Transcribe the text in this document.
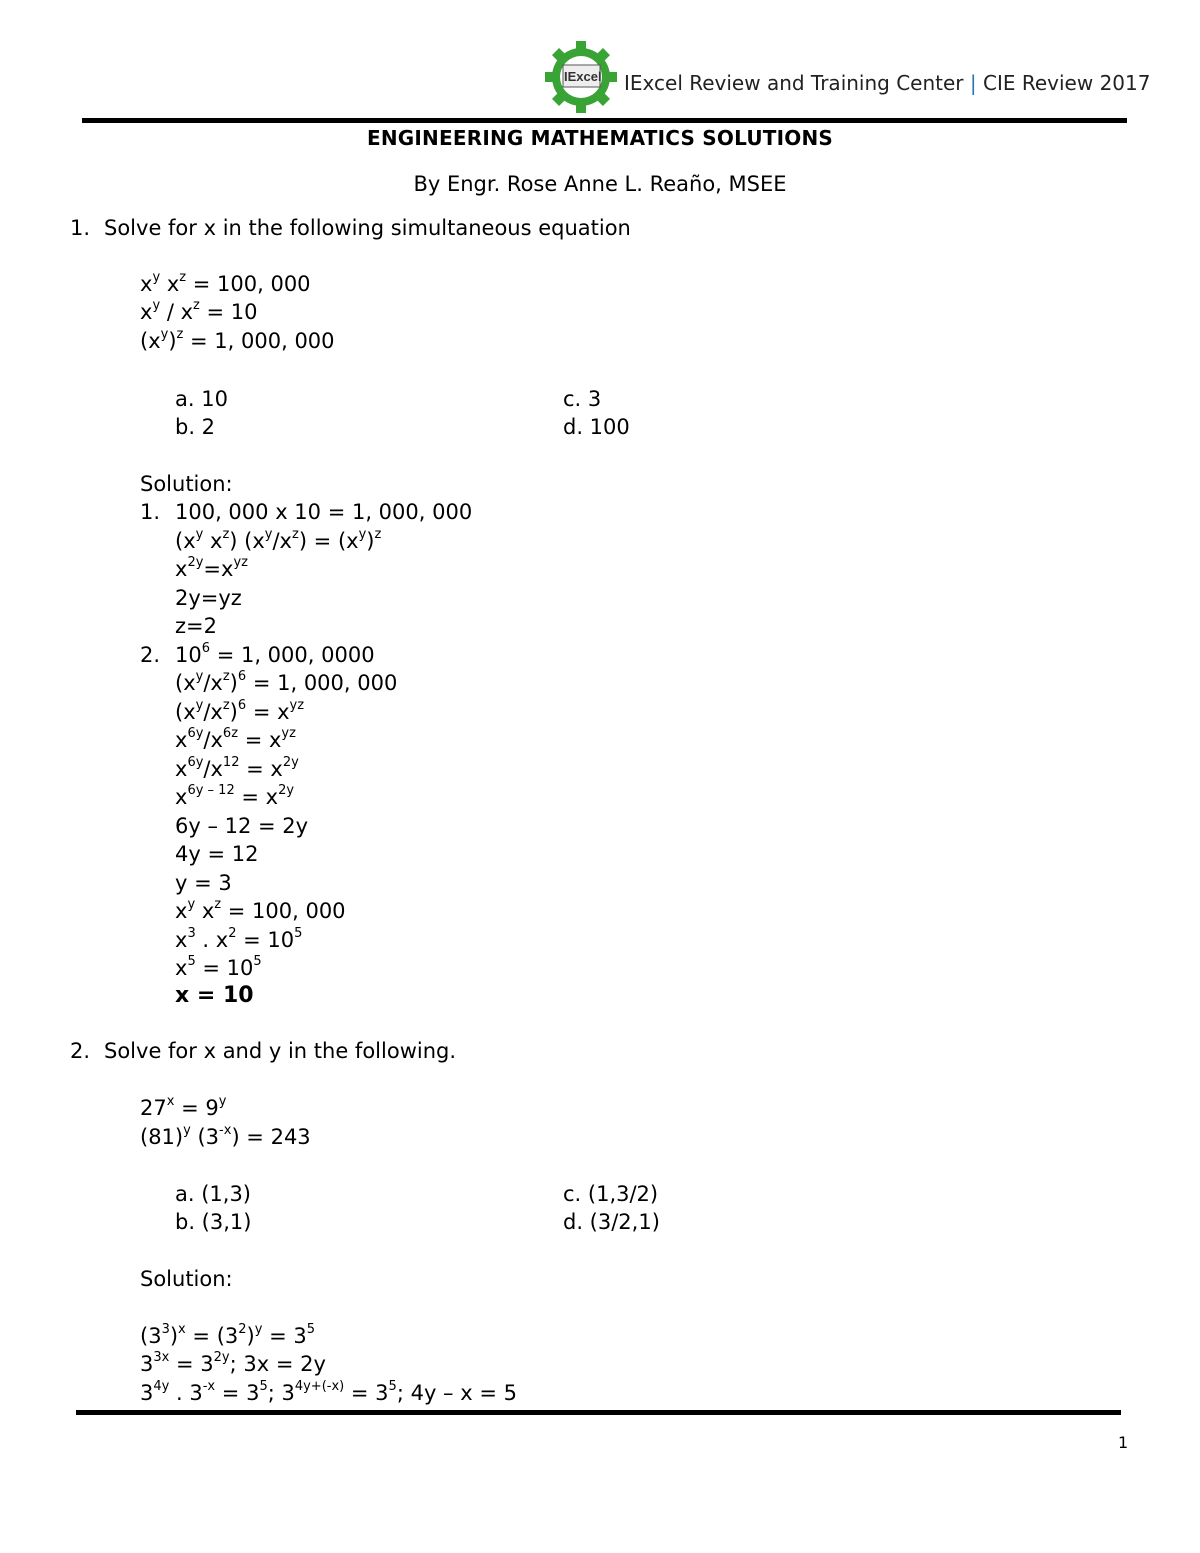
IExcel IExcel Review and Training Center | CIE Review 2017
ENGINEERING MATHEMATICS SOLUTIONS
By Engr. Rose Anne L. Reaño, MSEE
1. Solve for x in the following simultaneous equation
$x^y$ $x^z = 100$, 000
$x^y / x^z = 10$
$(x^y)^z = 1$, 000, 000
a. 10
b. 2
c. 3
d. 100
Solution:
1. 100, 000 x 10 = 1, 000, 000
($x^y$ $x^z$) $(x^y/x^z) = (x^y)^z$
$x^{2y}=x^{yz}$
2y=yz
z=2
2. $10^6 = 1$, 000, 0000
$(x^y/x^z)^6 = 1$, 000, 000
$(x^y/x^z)^6 = x^{yz}$
$x^{6y}/x^{6z} = x^{yz}$
$x^{6y}/x^{12} = x^{2y}$
$x^{6y - 12} = x^{2y}$
6y – 12 = 2y
4y = 12
y = 3
$x^y$ $x^z = 100$, 000
$x^3$ . $x^2 = 10^5$
$x^5 = 10^5$
x = 10
2. Solve for x and y in the following.
$27^x = 9^y$
$(81)^y$ $(3^{-x}) = 243$
a. (1,3)
b. (3,1)
c. (1,3/2)
d. (3/2,1)
Solution:
$(3^3)^x = (3^2)^y = 3^5$
$3^{3x} = 3^{2y}$; 3x = 2y
$3^{4y}$ . $3^{-x} = 3^5$; $3^{4y+(-x)} = 3^5$; 4y – x = 5
1
